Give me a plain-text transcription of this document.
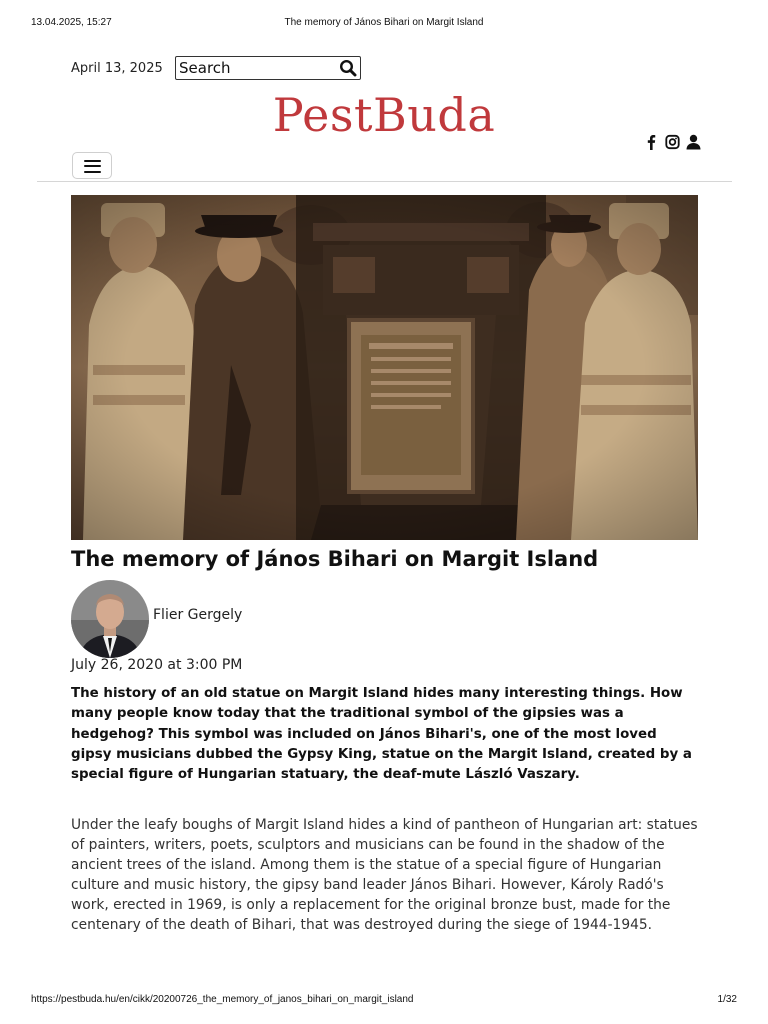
13.04.2025, 15:27	The memory of János Bihari on Margit Island
April 13, 2025
Search
PestBuda
The memory of János Bihari on Margit Island
Flier Gergely
July 26, 2020 at 3:00 PM

The history of an old statue on Margit Island hides many interesting things. How many people know today that the traditional symbol of the gipsies was a hedgehog? This symbol was included on János Bihari's, one of the most loved gipsy musicians dubbed the Gypsy King, statue on the Margit Island, created by a special figure of Hungarian statuary, the deaf-mute László Vaszary.

Under the leafy boughs of Margit Island hides a kind of pantheon of Hungarian art: statues of painters, writers, poets, sculptors and musicians can be found in the shadow of the ancient trees of the island. Among them is the statue of a special figure of Hungarian culture and music history, the gipsy band leader János Bihari. However, Károly Radó's work, erected in 1969, is only a replacement for the original bronze bust, made for the centenary of the death of Bihari, that was destroyed during the siege of 1944-1945.

https://pestbuda.hu/en/cikk/20200726_the_memory_of_janos_bihari_on_margit_island	1/32
